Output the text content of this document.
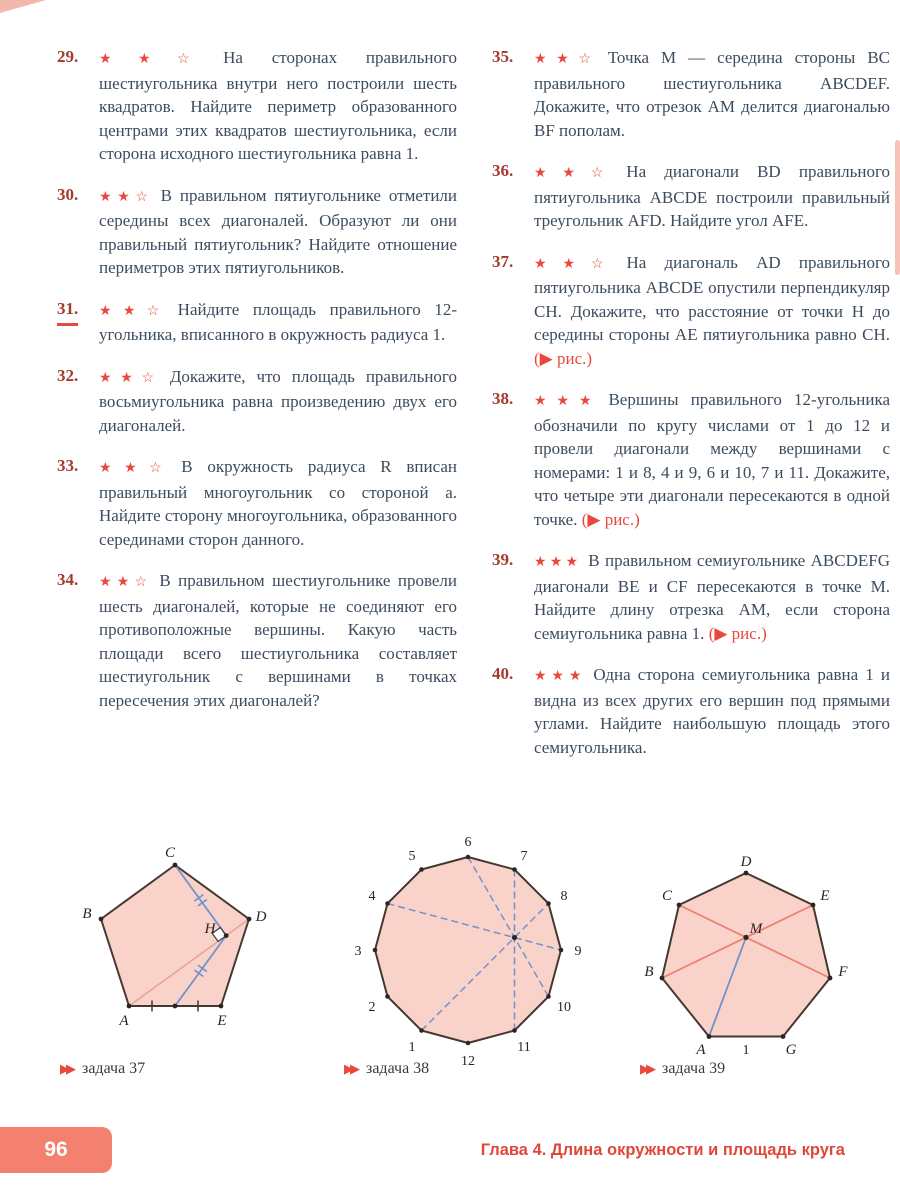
29. ★★☆ На сторонах правильного шестиугольника внутри него построили шесть квадратов. Найдите периметр образованного центрами этих квадратов шестиугольника, если сторона исходного шестиугольника равна 1.

30. ★★☆ В правильном пятиугольнике отметили середины всех диагоналей. Образуют ли они правильный пятиугольник? Найдите отношение периметров этих пятиугольников.

31. ★★☆ Найдите площадь правильного 12-угольника, вписанного в окружность радиуса 1.

32. ★★☆ Докажите, что площадь правильного восьмиугольника равна произведению двух его диагоналей.

33. ★★☆ В окружность радиуса R вписан правильный многоугольник со стороной a. Найдите сторону многоугольника, образованного серединами сторон данного.

34. ★★☆ В правильном шестиугольнике провели шесть диагоналей, которые не соединяют его противоположные вершины. Какую часть площади всего шестиугольника составляет шестиугольник с вершинами в точках пересечения этих диагоналей?

35. ★★☆ Точка M — середина стороны BC правильного шестиугольника ABCDEF. Докажите, что отрезок AM делится диагональю BF пополам.

36. ★★☆ На диагонали BD правильного пятиугольника ABCDE построили правильный треугольник AFD. Найдите угол AFE.

37. ★★☆ На диагональ AD правильного пятиугольника ABCDE опустили перпендикуляр CH. Докажите, что расстояние от точки H до середины стороны AE пятиугольника равно CH. (▶ рис.)

38. ★★★ Вершины правильного 12-угольника обозначили по кругу числами от 1 до 12 и провели диагонали между вершинами с номерами: 1 и 8, 4 и 9, 6 и 10, 7 и 11. Докажите, что четыре эти диагонали пересекаются в одной точке. (▶ рис.)

39. ★★★ В правильном семиугольнике ABCDEFG диагонали BE и CF пересекаются в точке M. Найдите длину отрезка AM, если сторона семиугольника равна 1. (▶ рис.)

40. ★★★ Одна сторона семиугольника равна 1 и видна из всех других его вершин под прямыми углами. Найдите наибольшую площадь этого семиугольника.

C
B	D
H
A	E
1
2
3
4
5
6
7
8
9
10
11
12
D
C	E
B	F
A	G
M
1
▶▶ задача 37	▶▶ задача 38	▶▶ задача 39
96	Глава 4. Длина окружности и площадь круга
